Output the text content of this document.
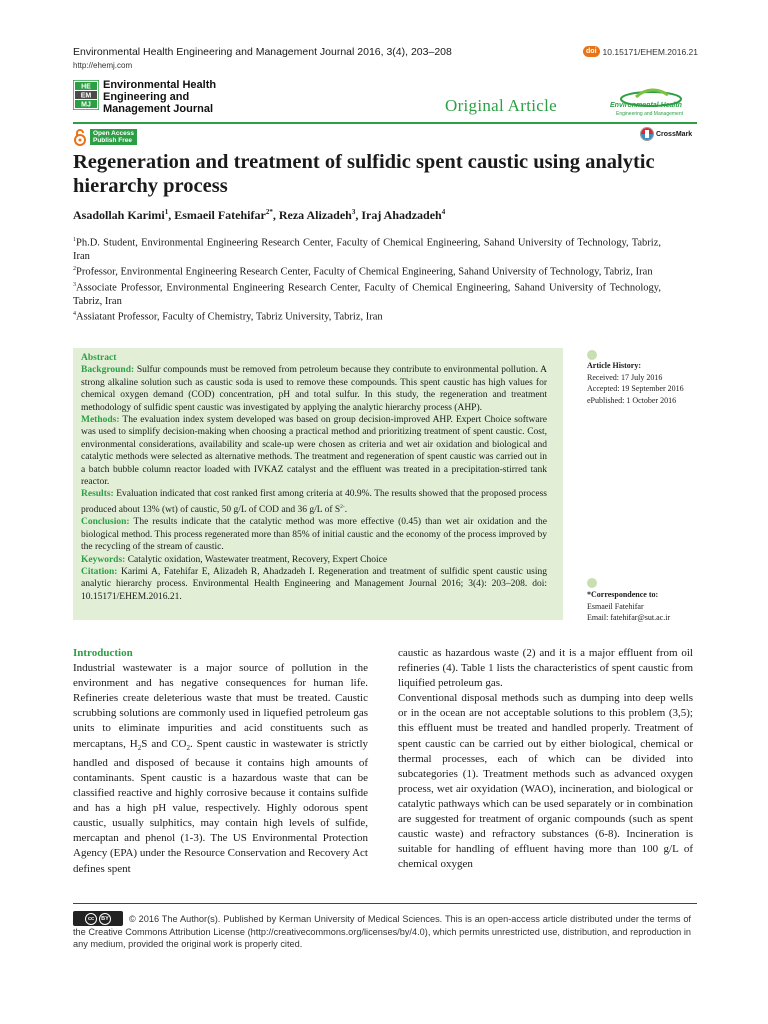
Environmental Health Engineering and Management Journal 2016, 3(4), 203–208
http://ehemj.com
doi 10.15171/EHEM.2016.21
HE
EM
MJ
Environmental Health
Engineering and
Management Journal	Original Article	Environmental Health
Engineering and Management
Open Access
Publish Free
CrossMark
Regeneration and treatment of sulfidic spent caustic using analytic hierarchy process
Asadollah Karimi$^1$, Esmaeil Fatehifar$^{2*}$, Reza Alizadeh$^3$, Iraj Ahadzadeh$^4$

$^1$Ph.D. Student, Environmental Engineering Research Center, Faculty of Chemical Engineering, Sahand University of Technology, Tabriz, Iran

$^2$Professor, Environmental Engineering Research Center, Faculty of Chemical Engineering, Sahand University of Technology, Tabriz, Iran

$^3$Associate Professor, Environmental Engineering Research Center, Faculty of Chemical Engineering, Sahand University of Technology, Tabriz, Iran

$^4$Assiatant Professor, Faculty of Chemistry, Tabriz University, Tabriz, Iran

Abstract

Background: Sulfur compounds must be removed from petroleum because they contribute to environmental pollution. A strong alkaline solution such as caustic soda is used to remove these compounds. This spent caustic has high values for chemical oxygen demand (COD) concentration, pH and total sulfur. In this study, the regeneration and treatment methodology of sulfidic spent caustic was investigated by applying the analytic hierarchy process (AHP).

Methods: The evaluation index system developed was based on group decision-improved AHP. Expert Choice software was used to simplify decision-making when choosing a practical method and prioritizing treatment of spent caustic. Cost, environmental considerations, availability and scale-up were chosen as criteria and wet air oxidation and biological and catalytic methods were selected as alternative methods. The treatment and regeneration of spent caustic was carried out in a batch bubble column reactor loaded with IVKAZ catalyst and the effluent was treated in a precipitation-stirred tank reactor.

Results: Evaluation indicated that cost ranked first among criteria at 40.9%. The results showed that the proposed process produced about 13% (wt) of caustic, 50 g/L of COD and 36 g/L of $S^{2-}$.

Conclusion: The results indicate that the catalytic method was more effective (0.45) than wet air oxidation and the biological method. This process regenerated more than 85% of initial caustic and the economy of the process improved by the recycling of the stream of caustic.

Keywords: Catalytic oxidation, Wastewater treatment, Recovery, Expert Choice

Citation: Karimi A, Fatehifar E, Alizadeh R, Ahadzadeh I. Regeneration and treatment of sulfidic spent caustic using analytic hierarchy process. Environmental Health Engineering and Management Journal 2016; 3(4): 203–208. doi: 10.15171/EHEM.2016.21.

Article History:
Received: 17 July 2016
Accepted: 19 September 2016
ePublished: 1 October 2016
*Correspondence to:
Esmaeil Fatehifar
Email: fatehifar@sut.ac.ir

Introduction

Industrial wastewater is a major source of pollution in the environment and has negative consequences for human life. Refineries create deleterious waste that must be treated. Caustic scrubbing solutions are commonly used in liquefied petroleum gas units to eliminate impurities and acid constituents such as mercaptans, $H_2S$ and $CO_2$. Spent caustic in wastewater is strictly handled and disposed of because it contains high amounts of contaminants. Spent caustic is a hazardous waste that can be classified reactive and highly corrosive because it contains sulfide and has a high pH value, respectively. Highly odorous spent caustic, usually sulphitics, may contain high levels of sulfide, mercaptan and phenol (1-3). The US Environmental Protection Agency (EPA) under the Resource Conservation and Recovery Act defines spent

caustic as hazardous waste (2) and it is a major effluent from oil refineries (4). Table 1 lists the characteristics of spent caustic from liquified petroleum gas.

Conventional disposal methods such as dumping into deep wells or in the ocean are not acceptable solutions to this problem (3,5); this effluent must be treated and handled properly. Treatment of spent caustic can be carried out by either biological, chemical or thermal processes, each of which can be divided into subcategories (1). Treatment methods such as advanced oxygen process, wet air oxyidation (WAO), incineration, and biological or catalytic pathways which can be used separately or in combination are suggested for treatment of organic compounds (such as spent caustic waste) and refractory substances (6-8). Incineration is suitable for handling of effluent having more than 100 g/L of chemical oxygen

© 2016 The Author(s). Published by Kerman University of Medical Sciences. This is an open-access article distributed under the terms of the Creative Commons Attribution License (http://creativecommons.org/licenses/by/4.0), which permits unrestricted use, distribution, and reproduction in any medium, provided the original work is properly cited.
cc	BY
